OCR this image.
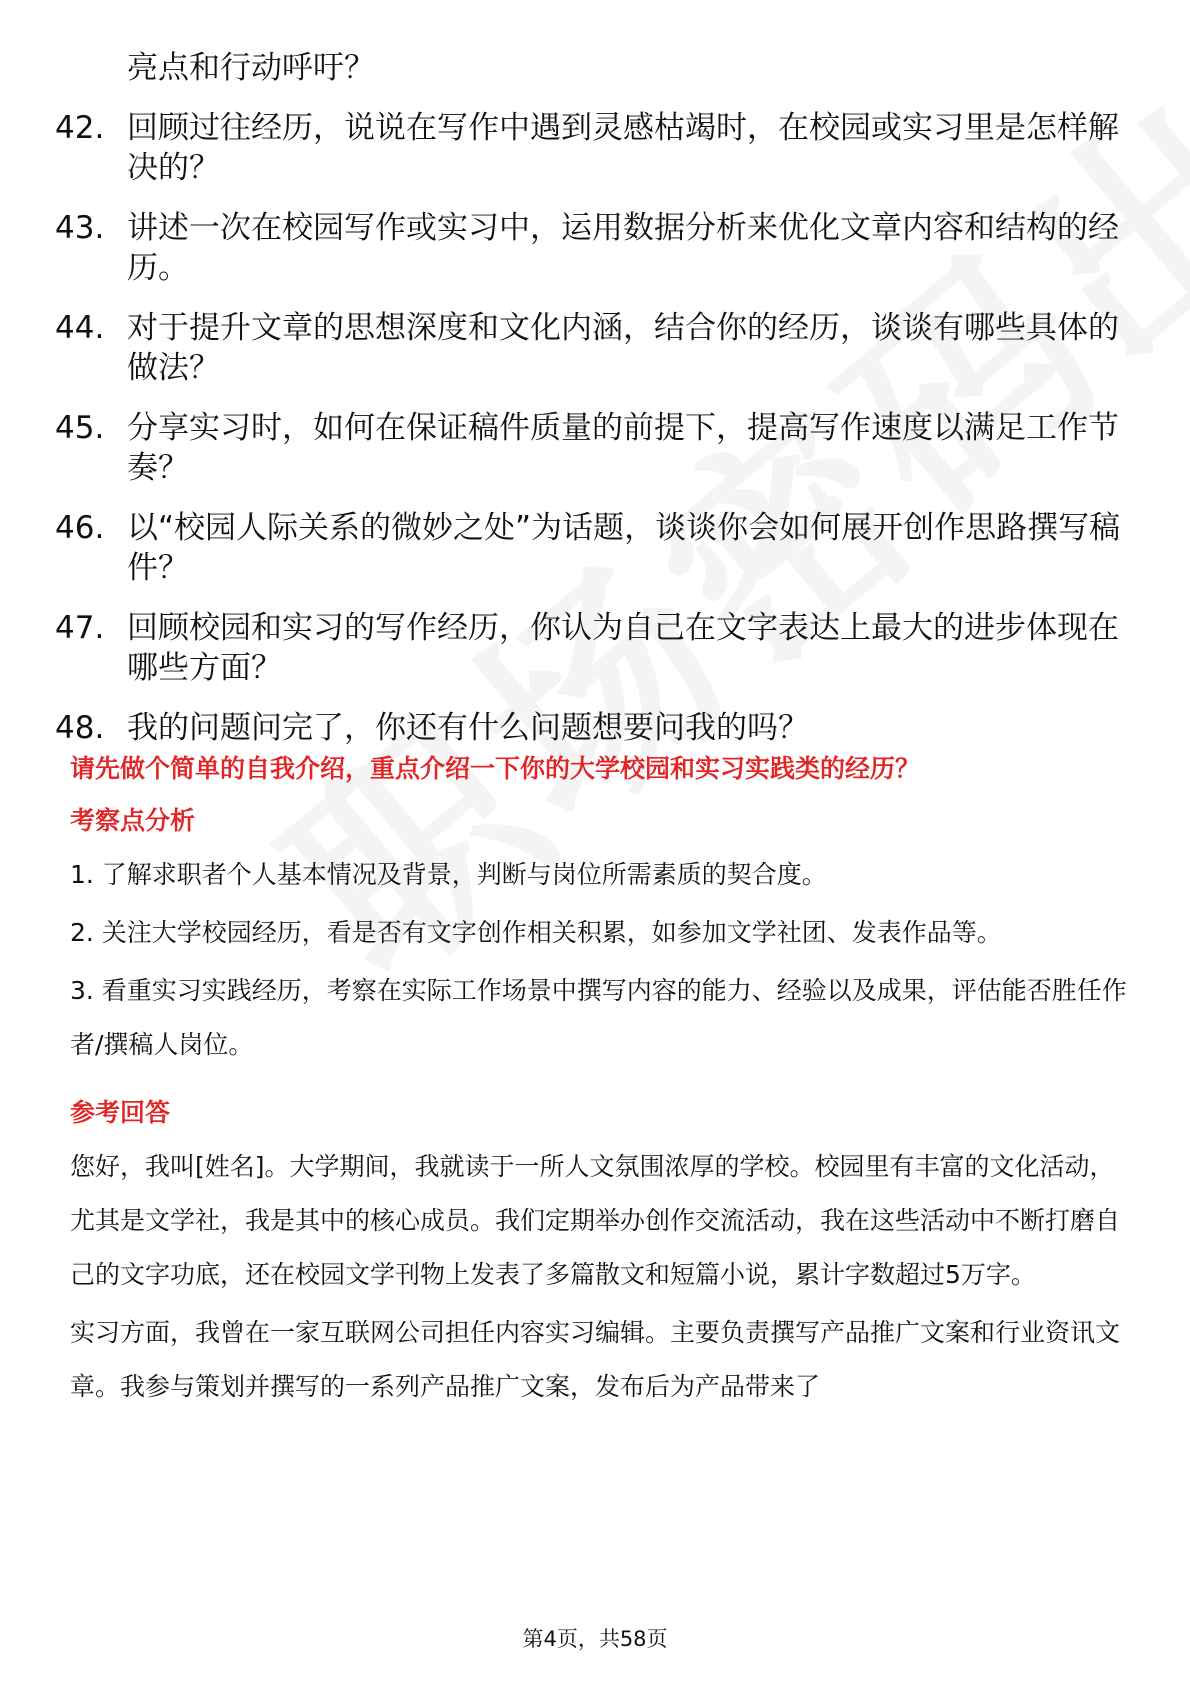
亮点和行动呼吁？
42. 回顾过往经历，说说在写作中遇到灵感枯竭时，在校园或实习里是怎样解决的？
43. 讲述一次在校园写作或实习中，运用数据分析来优化文章内容和结构的经历。
44. 对于提升文章的思想深度和文化内涵，结合你的经历，谈谈有哪些具体的做法？
45. 分享实习时，如何在保证稿件质量的前提下，提高写作速度以满足工作节奏？
46. 以“校园人际关系的微妙之处”为话题，谈谈你会如何展开创作思路撰写稿件？
47. 回顾校园和实习的写作经历，你认为自己在文字表达上最大的进步体现在哪些方面？
48. 我的问题问完了，你还有什么问题想要问我的吗？
请先做个简单的自我介绍，重点介绍一下你的大学校园和实习实践类的经历？
考察点分析
1. 了解求职者个人基本情况及背景，判断与岗位所需素质的契合度。
2. 关注大学校园经历，看是否有文字创作相关积累，如参加文学社团、发表作品等。
3. 看重实习实践经历，考察在实际工作场景中撰写内容的能力、经验以及成果，评估能否胜任作者/撰稿人岗位。
参考回答
您好，我叫[姓名]。大学期间，我就读于一所人文氛围浓厚的学校。校园里有丰富的文化活动，尤其是文学社，我是其中的核心成员。我们定期举办创作交流活动，我在这些活动中不断打磨自己的文字功底，还在校园文学刊物上发表了多篇散文和短篇小说，累计字数超过5万字。
实习方面，我曾在一家互联网公司担任内容实习编辑。主要负责撰写产品推广文案和行业资讯文章。我参与策划并撰写的一系列产品推广文案，发布后为产品带来了
第4页，共58页
